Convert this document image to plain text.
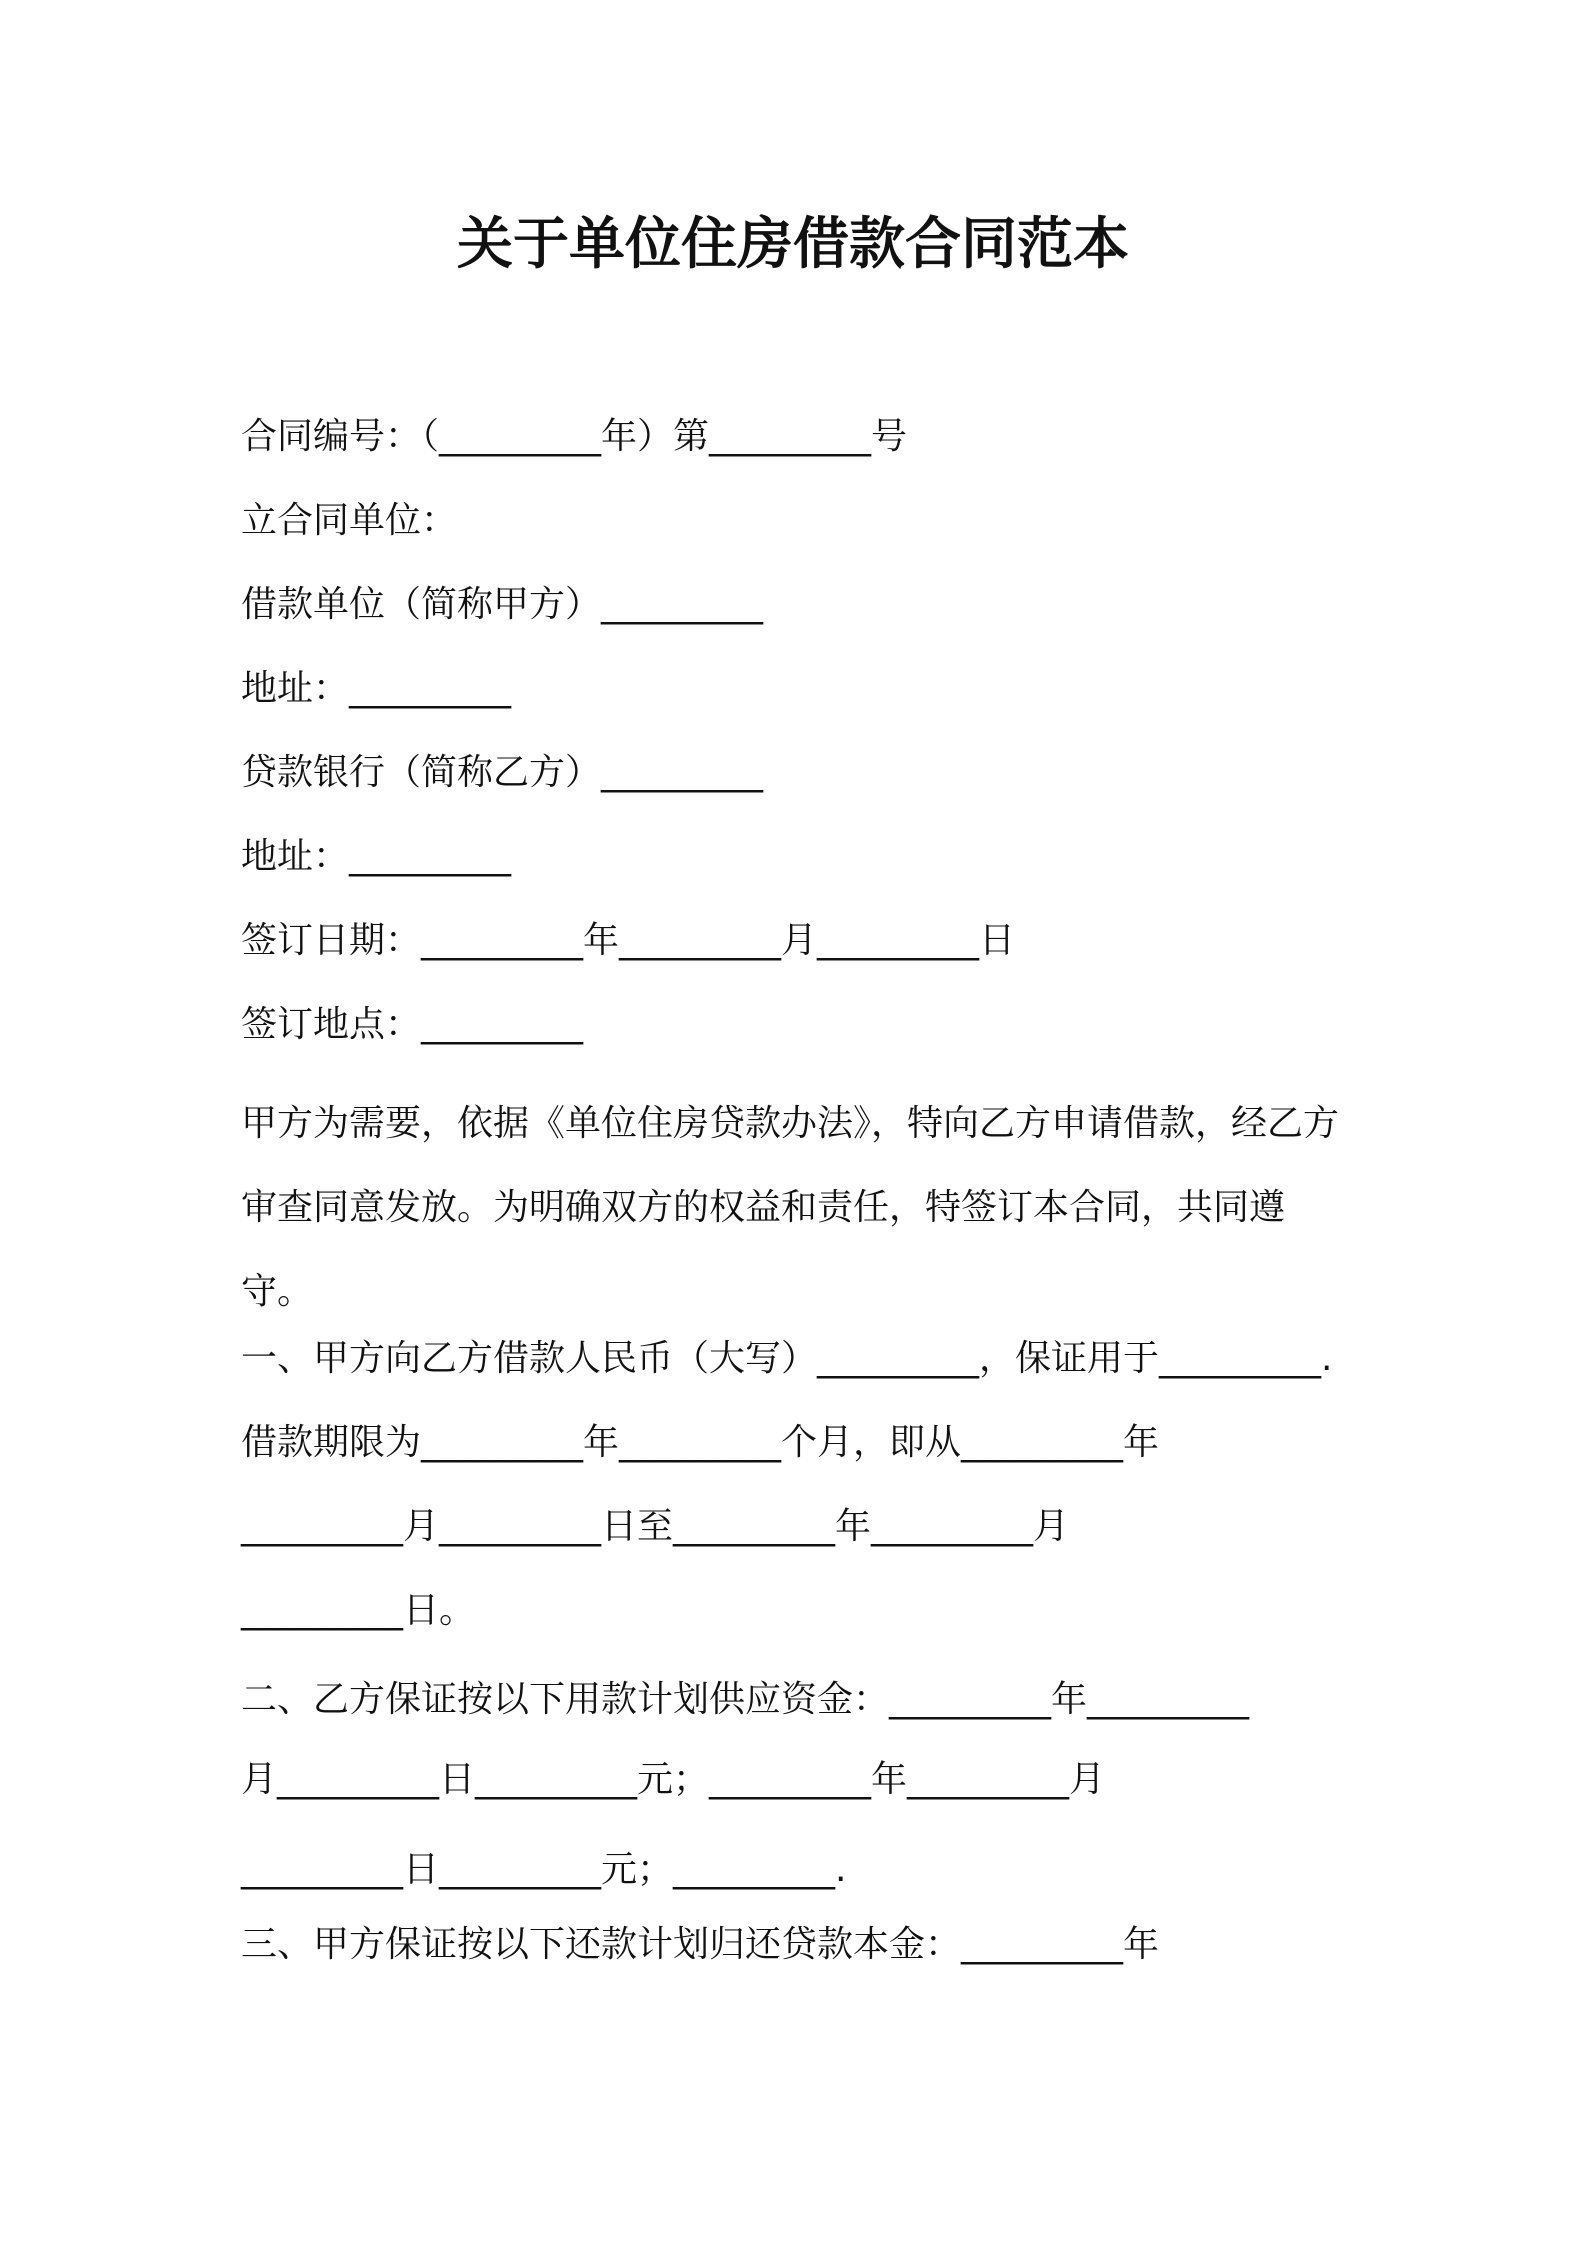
关于单位住房借款合同范本

合同编号：（_________年）第_________号

立合同单位：

借款单位（简称甲方）_________

地址：_________

贷款银行（简称乙方）_________

地址：_________

签订日期：_________年_________月_________日

签订地点：_________

甲方为需要，依据《单位住房贷款办法》，特向乙方申请借款，经乙方审查同意发放。为明确双方的权益和责任，特签订本合同，共同遵守。

一、甲方向乙方借款人民币（大写）_________，保证用于_________.

借款期限为_________年_________个月，即从_________年

_________月_________日至_________年_________月

_________日。

二、乙方保证按以下用款计划供应资金：_________年_________

月_________日_________元；_________年_________月

_________日_________元；_________.

三、甲方保证按以下还款计划归还贷款本金：_________年
